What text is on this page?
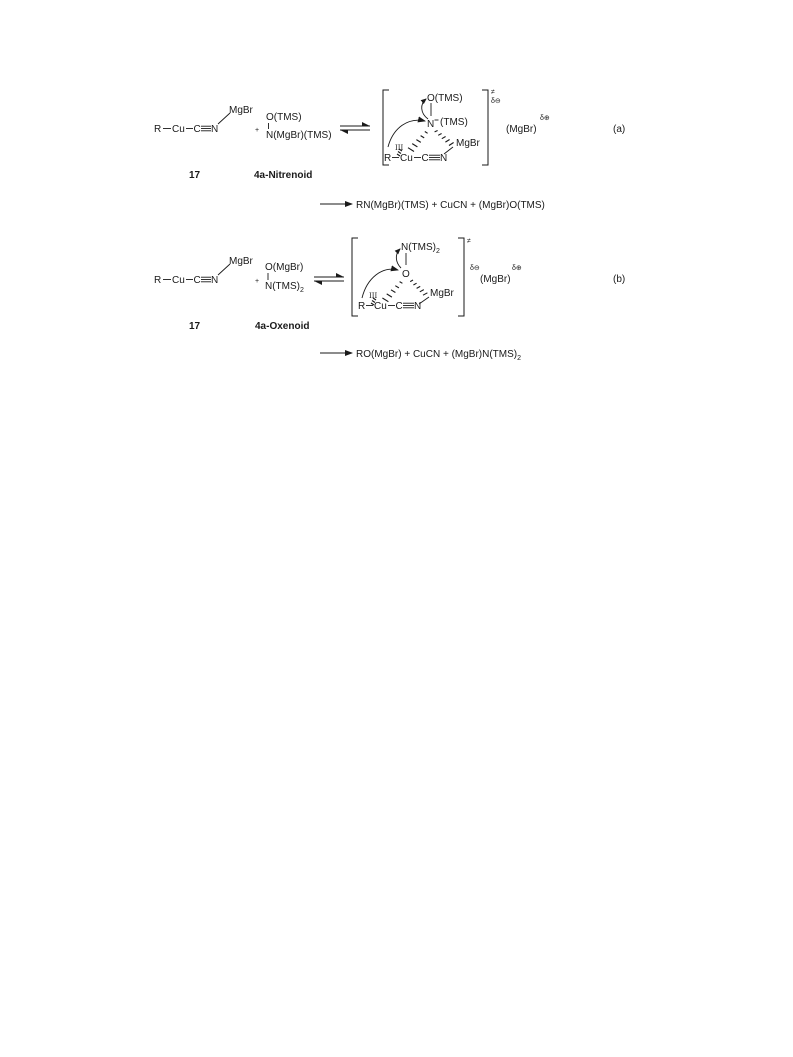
R Cu C N
MgBr
+
O(TMS)
N(MgBr)(TMS)
O(TMS)
N (TMS)
MgBr
III
R Cu C N
≠
δ⊖
(MgBr)
δ⊕
(a)
17	4a-Nitrenoid
RN(MgBr)(TMS) + CuCN + (MgBr)O(TMS)
R Cu C N
MgBr
+
O(MgBr)
$N(TMS)_2$
$N(TMS)_2$
O
MgBr
III
R Cu C N
≠
δ⊖
(MgBr)
δ⊕
(b)
17	4a-Oxenoid
RO(MgBr) + CuCN + $(MgBr)N(TMS)_2$
